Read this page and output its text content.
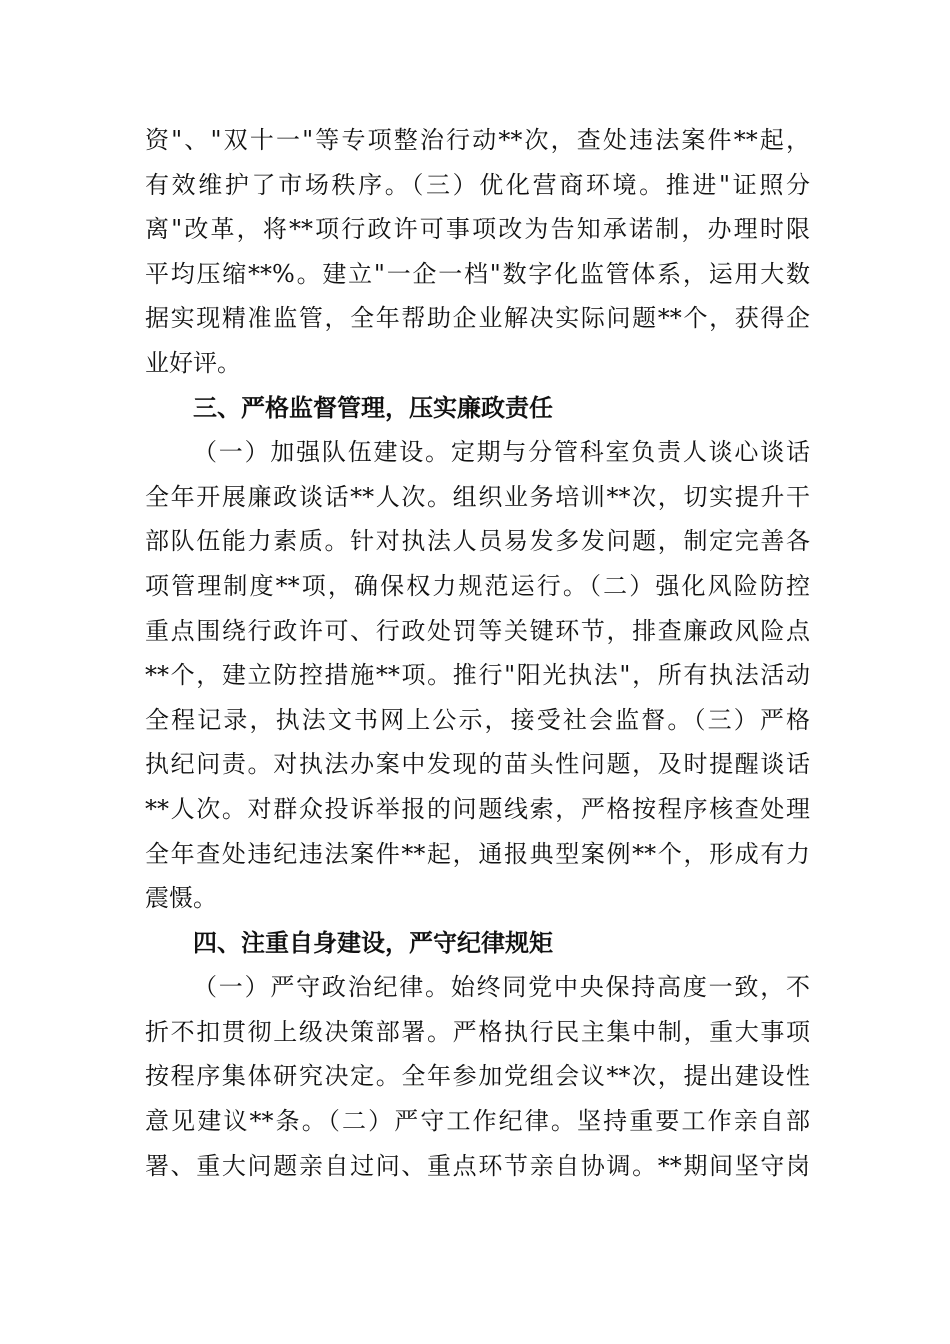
资"、"双十一"等专项整治行动**次，查处违法案件**起，
有效维护了市场秩序。（三）优化营商环境。推进"证照分
离"改革，将**项行政许可事项改为告知承诺制，办理时限
平均压缩**%。建立"一企一档"数字化监管体系，运用大数
据实现精准监管，全年帮助企业解决实际问题**个，获得企
业好评。
三、严格监督管理，压实廉政责任
（一）加强队伍建设。定期与分管科室负责人谈心谈话
全年开展廉政谈话**人次。组织业务培训**次，切实提升干
部队伍能力素质。针对执法人员易发多发问题，制定完善各
项管理制度**项，确保权力规范运行。（二）强化风险防控
重点围绕行政许可、行政处罚等关键环节，排查廉政风险点
**个，建立防控措施**项。推行"阳光执法"，所有执法活动
全程记录，执法文书网上公示，接受社会监督。（三）严格
执纪问责。对执法办案中发现的苗头性问题，及时提醒谈话
**人次。对群众投诉举报的问题线索，严格按程序核查处理
全年查处违纪违法案件**起，通报典型案例**个，形成有力
震慑。
四、注重自身建设，严守纪律规矩
（一）严守政治纪律。始终同党中央保持高度一致，不
折不扣贯彻上级决策部署。严格执行民主集中制，重大事项
按程序集体研究决定。全年参加党组会议**次，提出建设性
意见建议**条。（二）严守工作纪律。坚持重要工作亲自部
署、重大问题亲自过问、重点环节亲自协调。**期间坚守岗
